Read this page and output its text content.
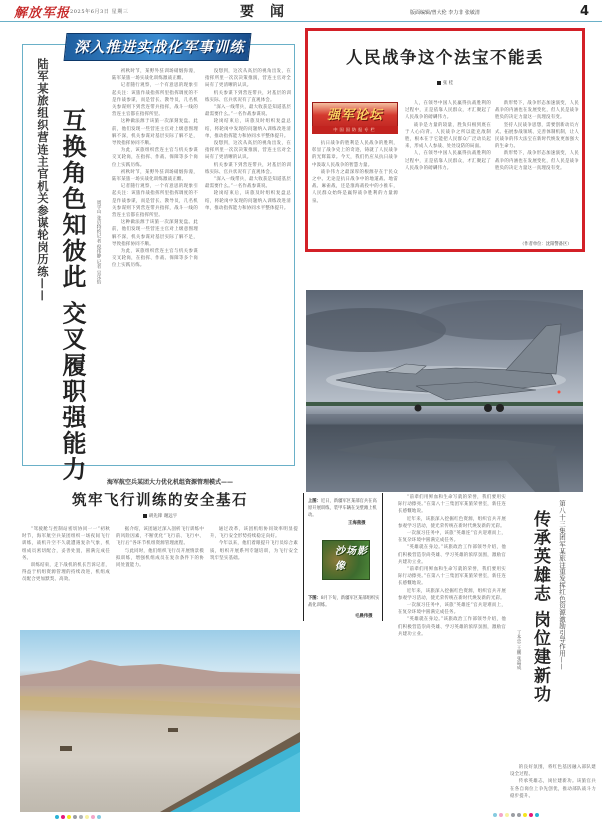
解放军报 2025年6月3日 星期三	要闻	版面编辑/曾大伦 李力非 张敏清	4
深入推进实战化军事训练
陆军某旅组织营连主官机关参谋轮岗历练—— 互换角色知彼此 交叉履职强能力	周学山 张启特约记者 倪伟静 记者 吴乐怡

初秋时节，某野外驻训场硝烟弥漫，陆军某旅一场实战化训练激战正酣。

记者随行观察，一个有意思的现象引起关注：该旅作战指挥所里指挥调度的不是作战参谋，而是营长、教导员，几名机关参谋则下到营连带兵指挥，战斗一线的营连主官都在指挥所里。

这种做法源于该旅一次深刻复盘。此前，他们发现一些营连主官对上级意图理解不深，机关参谋对基层实际了解不足，导致指挥协同不顺。

为此，该旅组织营连主官与机关参谋交叉轮岗，在指挥、作战、保障等多个岗位上实践历练。

初秋时节，某野外驻训场硝烟弥漫，陆军某旅一场实战化训练激战正酣。

记者随行观察，一个有意思的现象引起关注：该旅作战指挥所里指挥调度的不是作战参谋，而是营长、教导员，几名机关参谋则下到营连带兵指挥，战斗一线的营连主官都在指挥所里。

这种做法源于该旅一次深刻复盘。此前，他们发现一些营连主官对上级意图理解不深，机关参谋对基层实际了解不足，导致指挥协同不顺。

为此，该旅组织营连主官与机关参谋交叉轮岗，在指挥、作战、保障等多个岗位上实践历练。

没想到，这次从高层的视角出发，在指挥所里一次次决策推演，营连主官对全局有了更清晰的认识。

机关参谋下到营连带兵，对基层的训练实际、官兵状况有了直观体会。

“深入一线带兵，最大收获是知道基层最需要什么。”一名作战参谋说。

轮岗结束后，该旅及时组织复盘总结，将轮岗中发现的问题纳入训练改进清单，推动指挥能力和协同水平整体提升。

没想到，这次从高层的视角出发，在指挥所里一次次决策推演，营连主官对全局有了更清晰的认识。

机关参谋下到营连带兵，对基层的训练实际、官兵状况有了直观体会。

“深入一线带兵，最大收获是知道基层最需要什么。”一名作战参谋说。

轮岗结束后，该旅及时组织复盘总结，将轮岗中发现的问题纳入训练改进清单，推动指挥能力和协同水平整体提升。

人民战争这个法宝不能丢
张 桂
强军论坛
中国国防报专栏

抗日战争的胜利是人民战争的胜利，彰显了战争史上的奇迹，铸就了人民战争的光辉篇章。今天，我们仍应从抗日战争中汲取人民战争的智慧力量。

战争伟力之最深厚的根源存在于民众之中。无论是抗日战争中的地道战、地雷战、麻雀战，还是淮海战役中的小推车，人民群众始终是赢得战争胜利的力量源泉。

人，在领导中国人民赢得抗战胜利的过程中，正是依靠人民群众，才汇聚起了人民战争的磅礴伟力。

战争是力量的较量，胜负归根到底在于人心向背。人民战争之所以能克敌制胜，根本在于它能把人民群众广泛动员起来，形成人人参战、处处设防的局面。

人，在领导中国人民赢得抗战胜利的过程中，正是依靠人民群众，才汇聚起了人民战争的磅礴伟力。

新形势下，战争形态加速演变，人民战争的内涵也在发展变化，但人民是战争胜负的决定力量这一真理没有变。

坚持人民战争思想，需要创新动员方式、拓展参战领域、完善体制机制，让人民战争的伟大法宝在新时代焕发更加强大的生命力。

新形势下，战争形态加速演变，人民战争的内涵也在发展变化，但人民是战争胜负的决定力量这一真理没有变。

（作者单位：沈阳警备区）
海军航空兵某团大力优化机组资源管理模式——
筑牢飞行训练的安全基石
胡先锋 谢远宇

“驾驶舱与控制站密切协同一一”初秋时节，海军航空兵某团组织一场夜间飞行训练，战机升空不久就遭遇复杂气象，机组成员密切配合，妥善处置，圆满完成任务。

训练结束，走下战机的机长告诉记者，得益于机组资源管理的持续改进，机组成员配合更加默契、高效。

据介绍，该团通过深入剖析飞行训练中的风险因素，不断优化“飞行前、飞行中、飞行后”各环节机组资源管理流程。

与此同时，他们组织飞行员开展情景模拟训练，增强机组成员在复杂条件下的协同处置能力。

通过改革，该团机组协同效率明显提升，飞行安全形势持续稳定向好。

今年以来，他们着眼提升飞行员综合素质，组织开展系列专题培训，为飞行安全筑牢坚实基础。

上图：近日，新疆军区某部官兵在高原开展训练，装甲车辆在戈壁滩上机动。
王海燕摄
沙场影像
下图：8月下旬，新疆军区某部组织实战化训练。
毛晨伟摄

“前辈们用鲜血和生命写就的荣誉，我们要用实际行动擦亮。”在第八十三集团军某旅荣誉室，新任连长感慨地说。

近年来，该旅深入挖掘红色资源，组织官兵开展参观学习活动，使光荣传统在新时代焕发新的光彩。

一次演习任务中，该旅“英雄连”官兵迎难而上，在复杂环境中圆满完成任务。

“英雄就在身边。”该旅政治工作部领导介绍，他们积极营造崇尚英雄、学习英雄的浓厚氛围，激励官兵建功立业。

“前辈们用鲜血和生命写就的荣誉，我们要用实际行动擦亮。”在第八十三集团军某旅荣誉室，新任连长感慨地说。

近年来，该旅深入挖掘红色资源，组织官兵开展参观学习活动，使光荣传统在新时代焕发新的光彩。

一次演习任务中，该旅“英雄连”官兵迎难而上，在复杂环境中圆满完成任务。

“英雄就在身边。”该旅政治工作部领导介绍，他们积极营造崇尚英雄、学习英雄的浓厚氛围，激励官兵建功立业。	第八十三集团军某旅注重发挥红色资源激励引导作用——
传承英雄志 岗位建新功
丁本忠 王鹏 张福成

的良好氛围，将红色基因融入部队建设全过程。

传承英雄志，岗位建新功。该旅官兵在各自岗位上争先创优，推动部队战斗力稳步提升。
